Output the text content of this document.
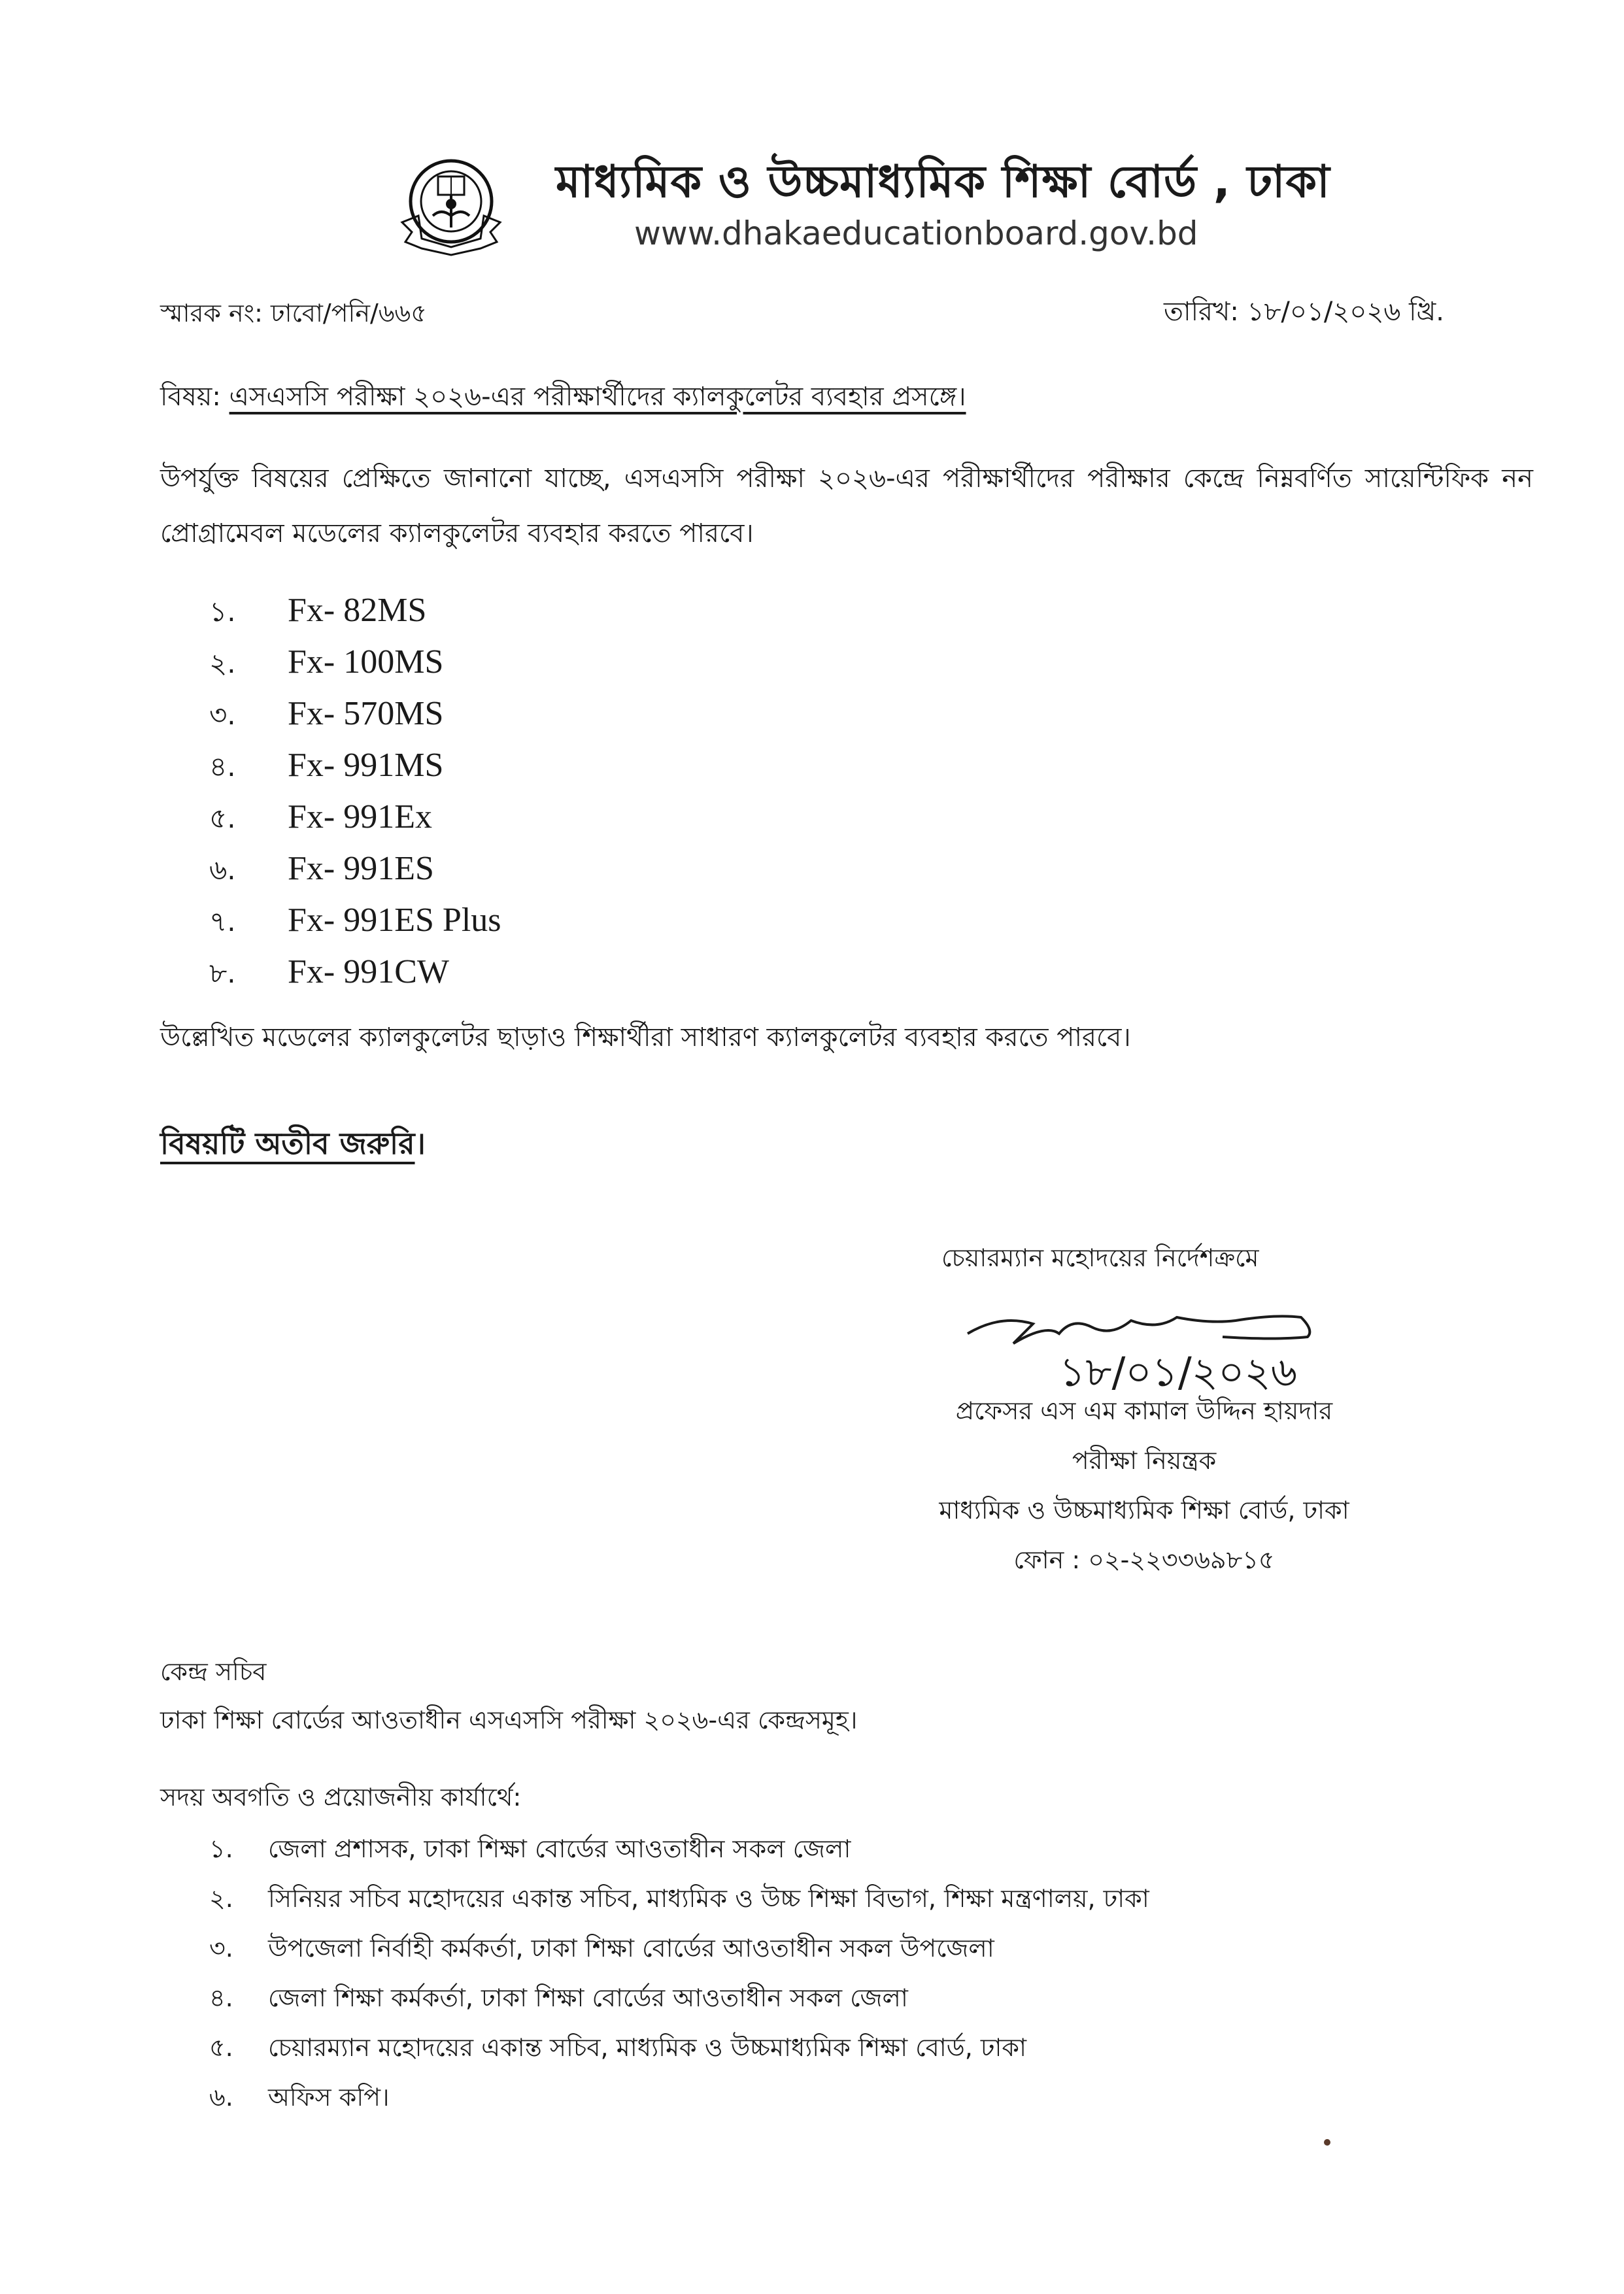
মাধ্যমিক ও উচ্চমাধ্যমিক শিক্ষা বোর্ড , ঢাকা
www.dhakaeducationboard.gov.bd
স্মারক নং: ঢাবো/পনি/৬৬৫	তারিখ: ১৮/০১/২০২৬ খ্রি.
বিষয়: এসএসসি পরীক্ষা ২০২৬-এর পরীক্ষার্থীদের ক্যালকুলেটর ব্যবহার প্রসঙ্গে।
উপর্যুক্ত বিষয়ের প্রেক্ষিতে জানানো যাচ্ছে, এসএসসি পরীক্ষা ২০২৬-এর পরীক্ষার্থীদের পরীক্ষার কেন্দ্রে নিম্নবর্ণিত সায়েন্টিফিক নন প্রোগ্রামেবল মডেলের ক্যালকুলেটর ব্যবহার করতে পারবে।
১. Fx- 82MS
২. Fx- 100MS
৩. Fx- 570MS
৪. Fx- 991MS
৫. Fx- 991Ex
৬. Fx- 991ES
৭. Fx- 991ES Plus
৮. Fx- 991CW
উল্লেখিত মডেলের ক্যালকুলেটর ছাড়াও শিক্ষার্থীরা সাধারণ ক্যালকুলেটর ব্যবহার করতে পারবে।
বিষয়টি অতীব জরুরি।
চেয়ারম্যান মহোদয়ের নির্দেশক্রমে
১৮/০১/২০২৬
প্রফেসর এস এম কামাল উদ্দিন হায়দার
পরীক্ষা নিয়ন্ত্রক
মাধ্যমিক ও উচ্চমাধ্যমিক শিক্ষা বোর্ড, ঢাকা
ফোন : ০২-২২৩৩৬৯৮১৫
কেন্দ্র সচিব
ঢাকা শিক্ষা বোর্ডের আওতাধীন এসএসসি পরীক্ষা ২০২৬-এর কেন্দ্রসমূহ।
সদয় অবগতি ও প্রয়োজনীয় কার্যার্থে:
১. জেলা প্রশাসক, ঢাকা শিক্ষা বোর্ডের আওতাধীন সকল জেলা
২. সিনিয়র সচিব মহোদয়ের একান্ত সচিব, মাধ্যমিক ও উচ্চ শিক্ষা বিভাগ, শিক্ষা মন্ত্রণালয়, ঢাকা
৩. উপজেলা নির্বাহী কর্মকর্তা, ঢাকা শিক্ষা বোর্ডের আওতাধীন সকল উপজেলা
৪. জেলা শিক্ষা কর্মকর্তা, ঢাকা শিক্ষা বোর্ডের আওতাধীন সকল জেলা
৫. চেয়ারম্যান মহোদয়ের একান্ত সচিব, মাধ্যমিক ও উচ্চমাধ্যমিক শিক্ষা বোর্ড, ঢাকা
৬. অফিস কপি।
